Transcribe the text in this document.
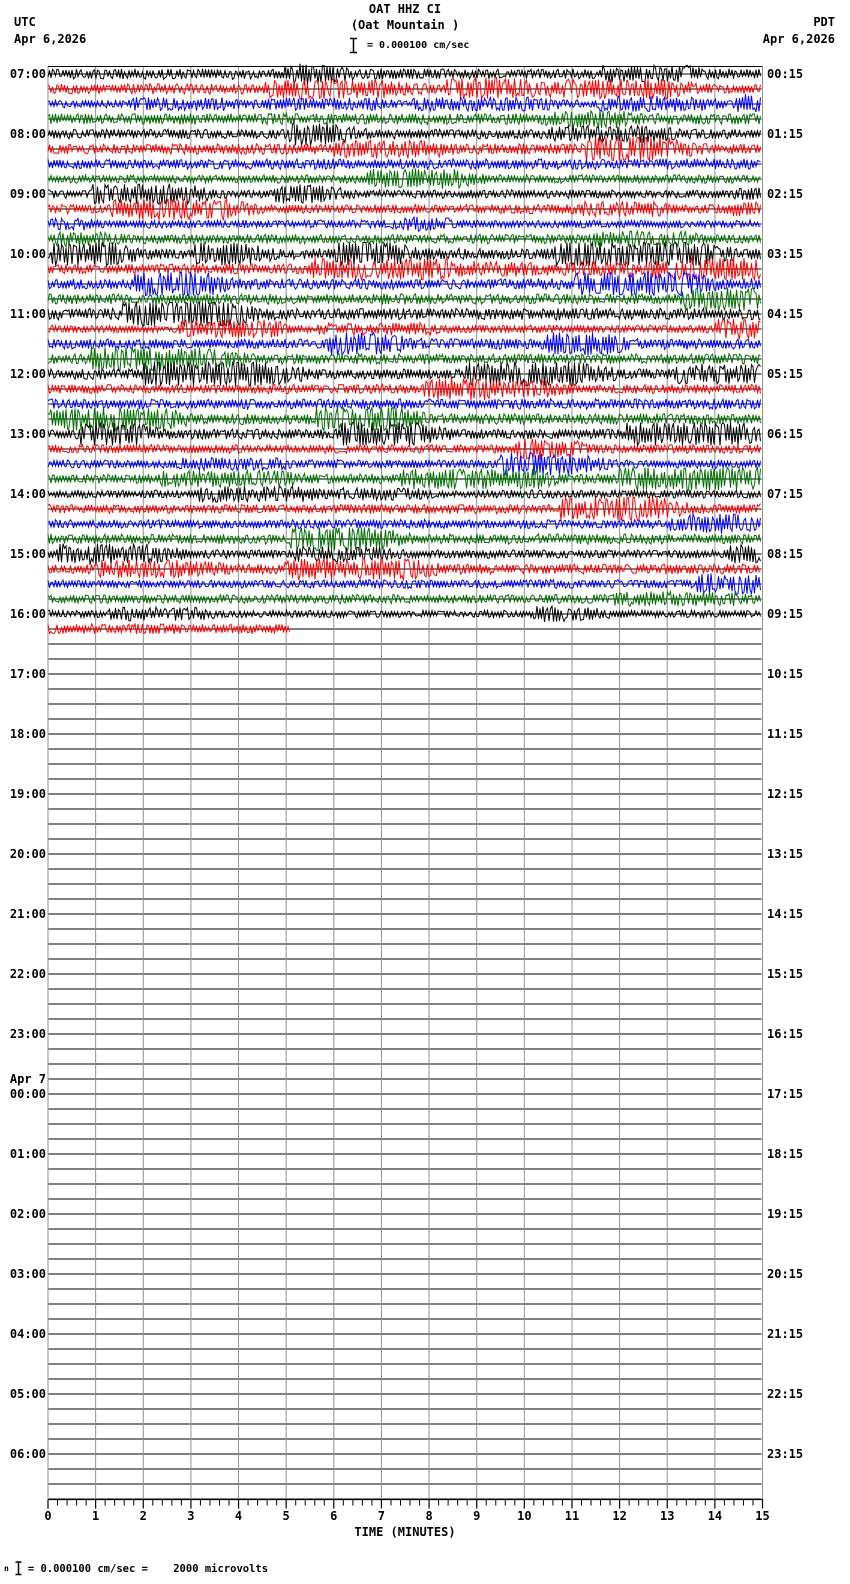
UTC
Apr 6,2026
OAT HHZ CI
(Oat Mountain )
= 0.000100 cm/sec
PDT
Apr 6,2026
07:00	00:15
08:00	01:15
09:00	02:15
10:00	03:15
11:00	04:15
12:00	05:15
13:00	06:15
14:00	07:15
15:00	08:15
16:00	09:15
17:00	10:15
18:00	11:15
19:00	12:15
20:00	13:15
21:00	14:15
22:00	15:15
23:00	16:15
Apr 7
00:00	17:15
01:00	18:15
02:00	19:15
03:00	20:15
04:00	21:15
05:00	22:15
06:00	23:15
0	1	2	3	4	5	6	7	8	9	10	11	12	13	14	15
TIME (MINUTES)
n = 0.000100 cm/sec =    2000 microvolts
